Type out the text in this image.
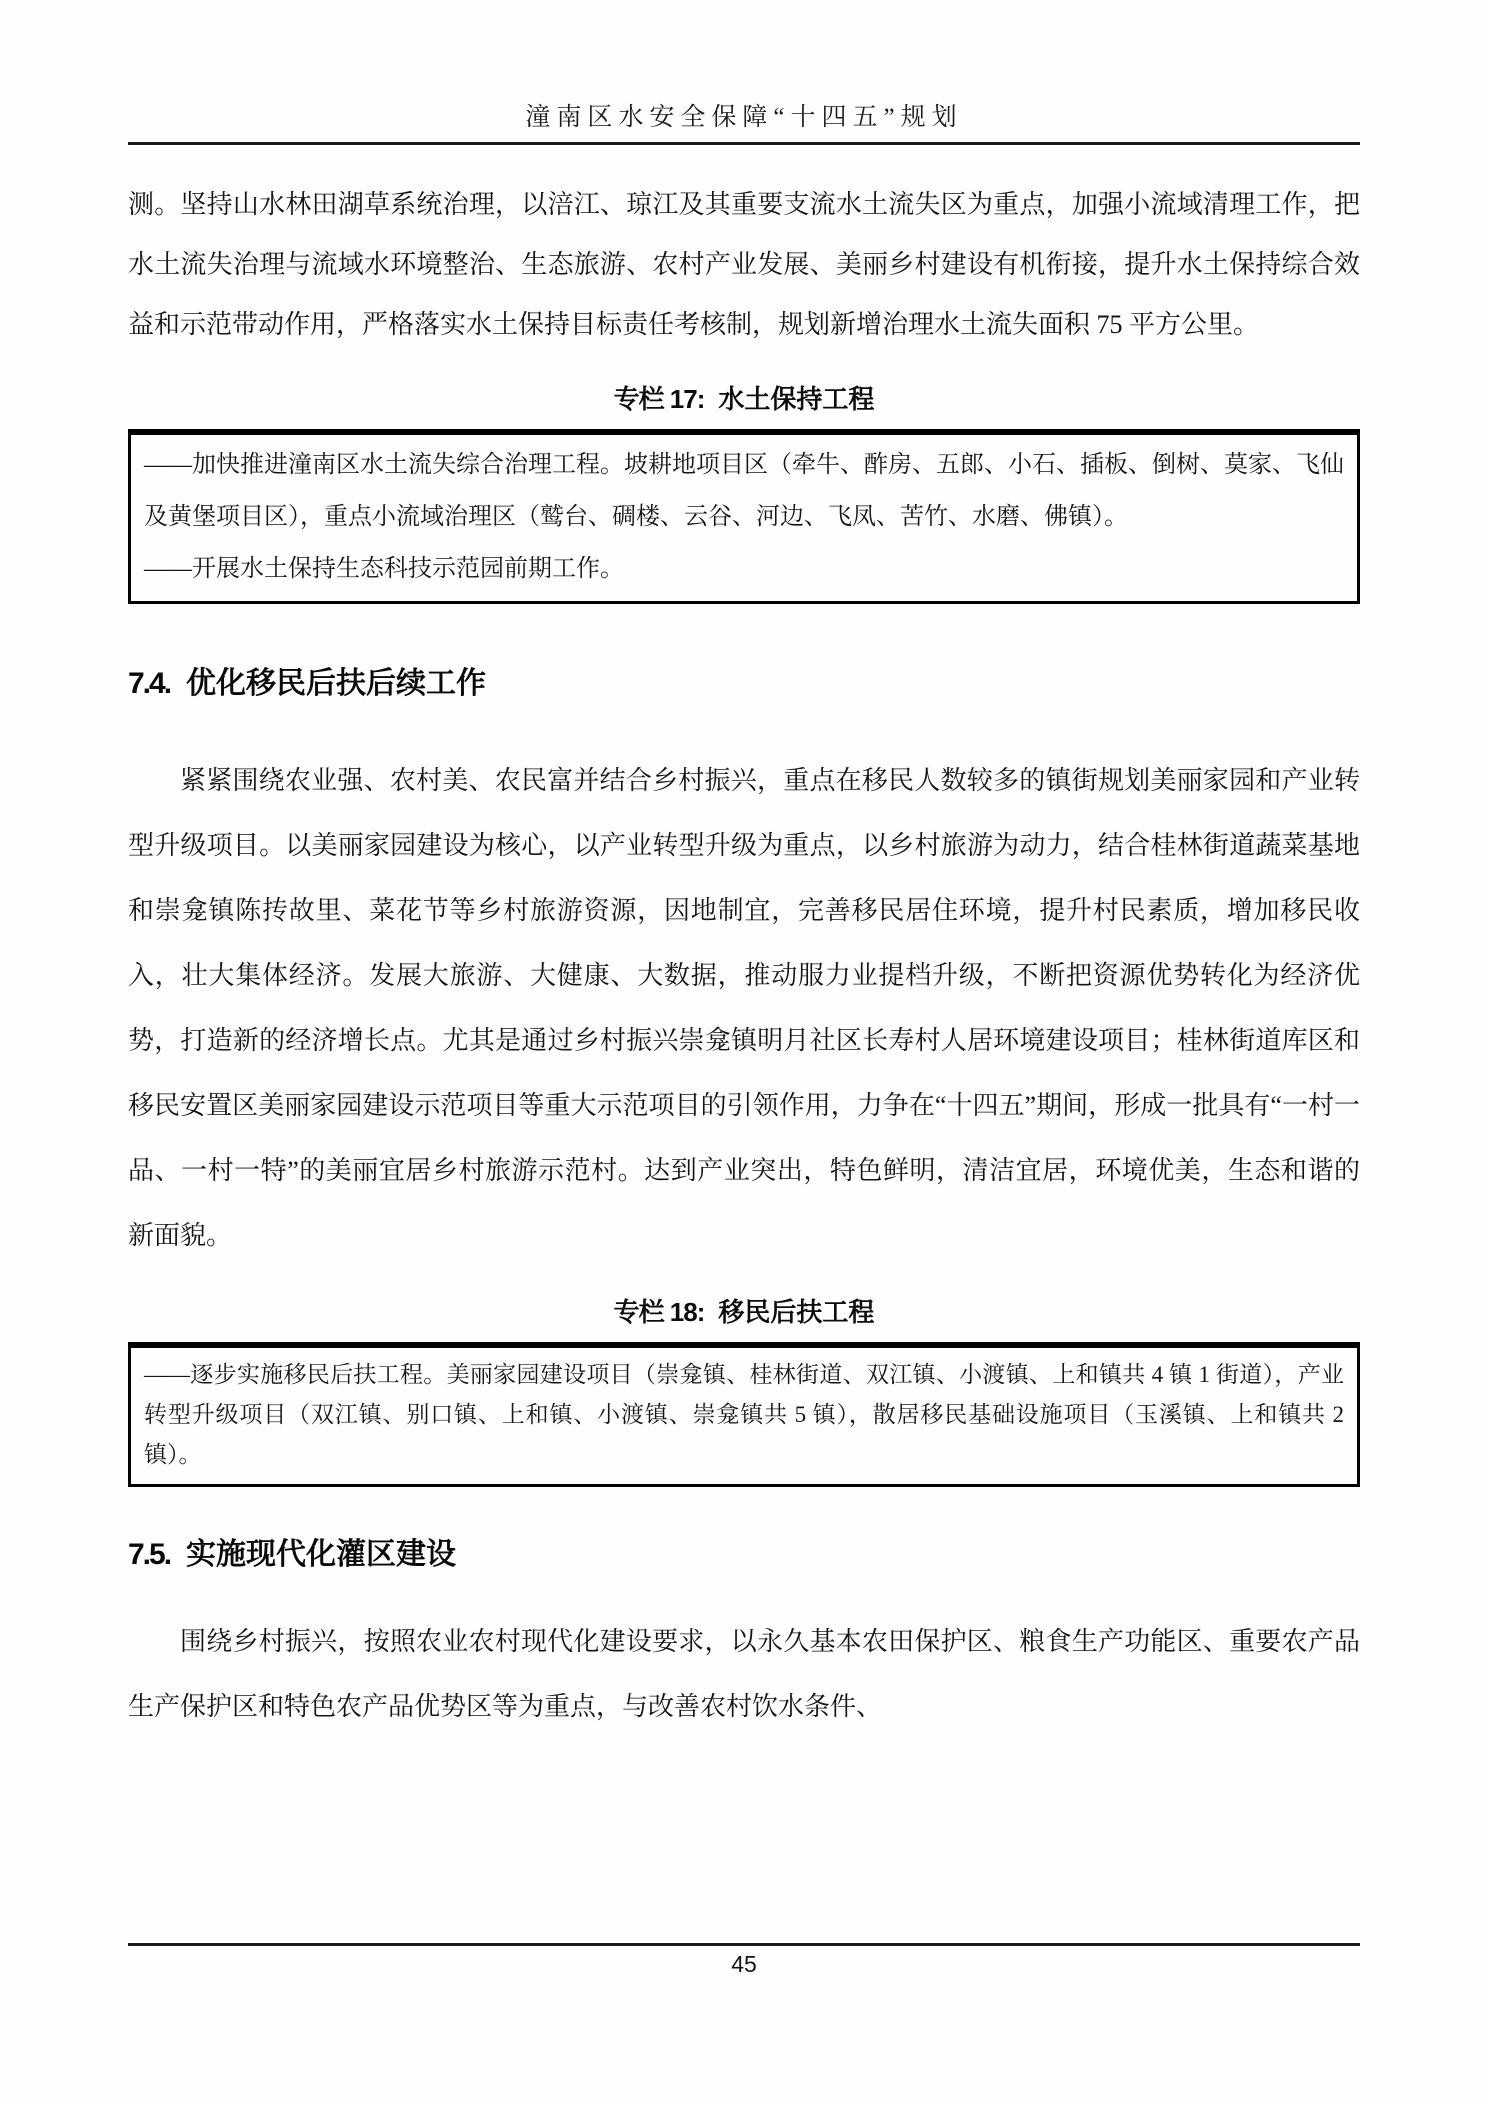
潼南区水安全保障“十四五”规划

测。坚持山水林田湖草系统治理，以涪江、琼江及其重要支流水土流失区为重点，加强小流域清理工作，把水土流失治理与流域水环境整治、生态旅游、农村产业发展、美丽乡村建设有机衔接，提升水土保持综合效益和示范带动作用，严格落实水土保持目标责任考核制，规划新增治理水土流失面积 75 平方公里。

专栏 17: 水土保持工程

——加快推进潼南区水土流失综合治理工程。坡耕地项目区（牵牛、酢房、五郎、小石、插板、倒树、莫家、飞仙及黄堡项目区），重点小流域治理区（鹫台、碉楼、云谷、河边、飞凤、苦竹、水磨、佛镇）。

——开展水土保持生态科技示范园前期工作。

7.4. 优化移民后扶后续工作

紧紧围绕农业强、农村美、农民富并结合乡村振兴，重点在移民人数较多的镇街规划美丽家园和产业转型升级项目。以美丽家园建设为核心，以产业转型升级为重点，以乡村旅游为动力，结合桂林街道蔬菜基地和崇龛镇陈抟故里、菜花节等乡村旅游资源，因地制宜，完善移民居住环境，提升村民素质，增加移民收入，壮大集体经济。发展大旅游、大健康、大数据，推动服力业提档升级，不断把资源优势转化为经济优势，打造新的经济增长点。尤其是通过乡村振兴崇龛镇明月社区长寿村人居环境建设项目；桂林街道库区和移民安置区美丽家园建设示范项目等重大示范项目的引领作用，力争在“十四五”期间，形成一批具有“一村一品、一村一特”的美丽宜居乡村旅游示范村。达到产业突出，特色鲜明，清洁宜居，环境优美，生态和谐的新面貌。

专栏 18: 移民后扶工程

——逐步实施移民后扶工程。美丽家园建设项目（崇龛镇、桂林街道、双江镇、小渡镇、上和镇共 4 镇 1 街道），产业转型升级项目（双江镇、别口镇、上和镇、小渡镇、崇龛镇共 5 镇），散居移民基础设施项目（玉溪镇、上和镇共 2 镇）。

7.5. 实施现代化灌区建设

围绕乡村振兴，按照农业农村现代化建设要求，以永久基本农田保护区、粮食生产功能区、重要农产品生产保护区和特色农产品优势区等为重点，与改善农村饮水条件、

45
